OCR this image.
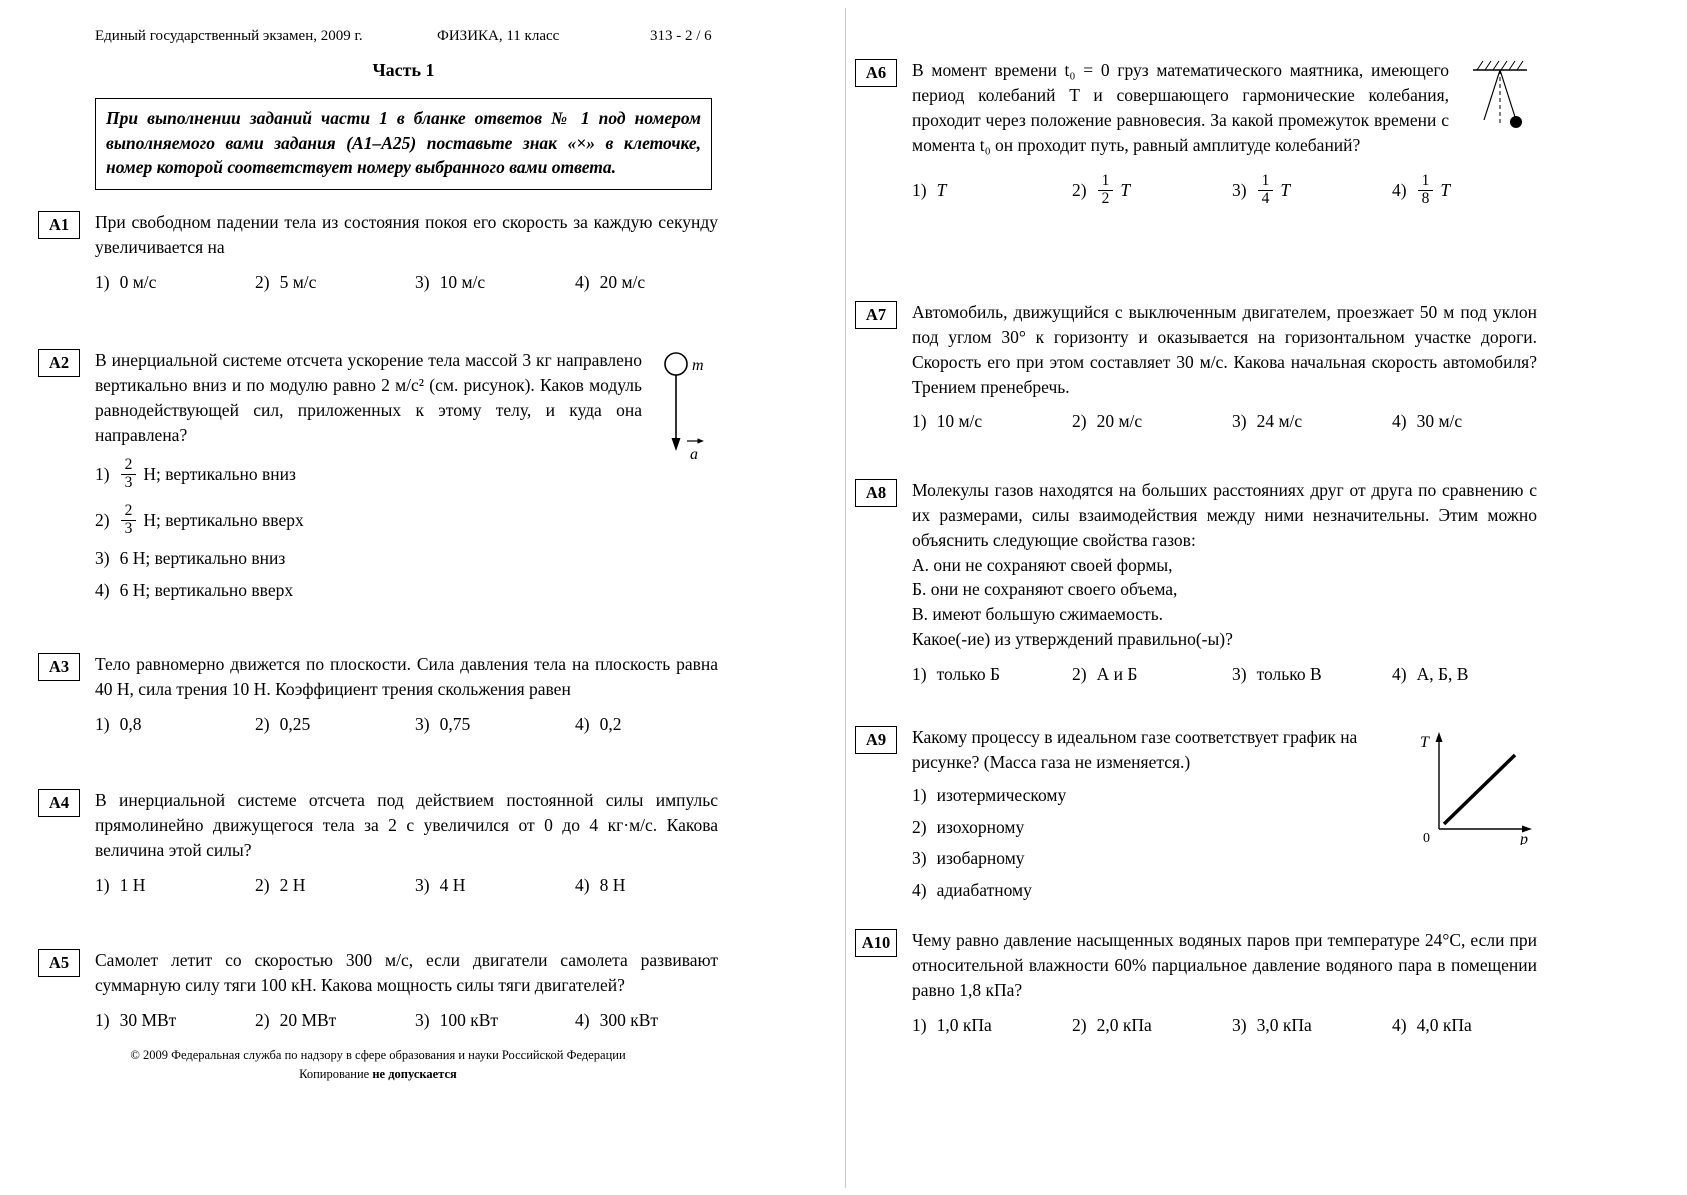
Единый государственный экзамен, 2009 г.	ФИЗИКА, 11 класс	313 - 2 / 6
Часть 1

При выполнении заданий части 1 в бланке ответов № 1 под номером выполняемого вами задания (А1–А25) поставьте знак «×» в клеточке, номер которой соответствует номеру выбранного вами ответа.

А1	При свободном падении тела из состояния покоя его скорость за каждую секунду увеличивается на

1) 0 м/с	2) 5 м/с	3) 10 м/с	4) 20 м/с
А2	m
a

В инерциальной системе отсчета ускорение тела массой 3 кг направлено вертикально вниз и по модулю равно 2 м/с² (см. рисунок). Каков модуль равнодействующей сил, приложенных к этому телу, и куда она направлена?

$1) \frac{2}{3} Н$; вертикально вниз
$2) \frac{2}{3} Н$; вертикально вверх
3) 6 Н; вертикально вниз
4) 6 Н; вертикально вверх
А3	Тело равномерно движется по плоскости. Сила давления тела на плоскость равна 40 Н, сила трения 10 Н. Коэффициент трения скольжения равен

1) 0,8	2) 0,25	3) 0,75	4) 0,2
А4	В инерциальной системе отсчета под действием постоянной силы импульс прямолинейно движущегося тела за 2 с увеличился от 0 до 4 кг·м/с. Какова величина этой силы?

1) 1 Н	2) 2 Н	3) 4 Н	4) 8 Н
А5	Самолет летит со скоростью 300 м/с, если двигатели самолета развивают суммарную силу тяги 100 кН. Какова мощность силы тяги двигателей?

1) 30 МВт	2) 20 МВт	3) 100 кВт	4) 300 кВт
© 2009 Федеральная служба по надзору в сфере образования и науки Российской Федерации
Копирование не допускается
А6	В момент времени t₀ = 0 груз математического маятника, имеющего период колебаний T и совершающего гармонические колебания, проходит через положение равновесия. За какой промежуток времени с момента t₀ он проходит путь, равный амплитуде колебаний?

1) T	$2) \frac{1}{2}$ T	$3) \frac{1}{4}$ T	$4) \frac{1}{8}$ T
А7	Автомобиль, движущийся с выключенным двигателем, проезжает 50 м под уклон под углом 30° к горизонту и оказывается на горизонтальном участке дороги. Скорость его при этом составляет 30 м/с. Какова начальная скорость автомобиля? Трением пренебречь.

1) 10 м/с	2) 20 м/с	3) 24 м/с	4) 30 м/с
А8	Молекулы газов находятся на больших расстояниях друг от друга по сравнению с их размерами, силы взаимодействия между ними незначительны. Этим можно объяснить следующие свойства газов:

А. они не сохраняют своей формы,

Б. они не сохраняют своего объема,

В. имеют большую сжимаемость.

Какое(-ие) из утверждений правильно(-ы)?

1) только Б	2) А и Б	3) только В	4) А, Б, В
А9	T
p
0

Какому процессу в идеальном газе соответствует график на рисунке? (Масса газа не изменяется.)

1) изотермическому
2) изохорному
3) изобарному
4) адиабатному
А10	Чему равно давление насыщенных водяных паров при температуре 24°С, если при относительной влажности 60% парциальное давление водяного пара в помещении равно 1,8 кПа?

1) 1,0 кПа	2) 2,0 кПа	3) 3,0 кПа	4) 4,0 кПа
